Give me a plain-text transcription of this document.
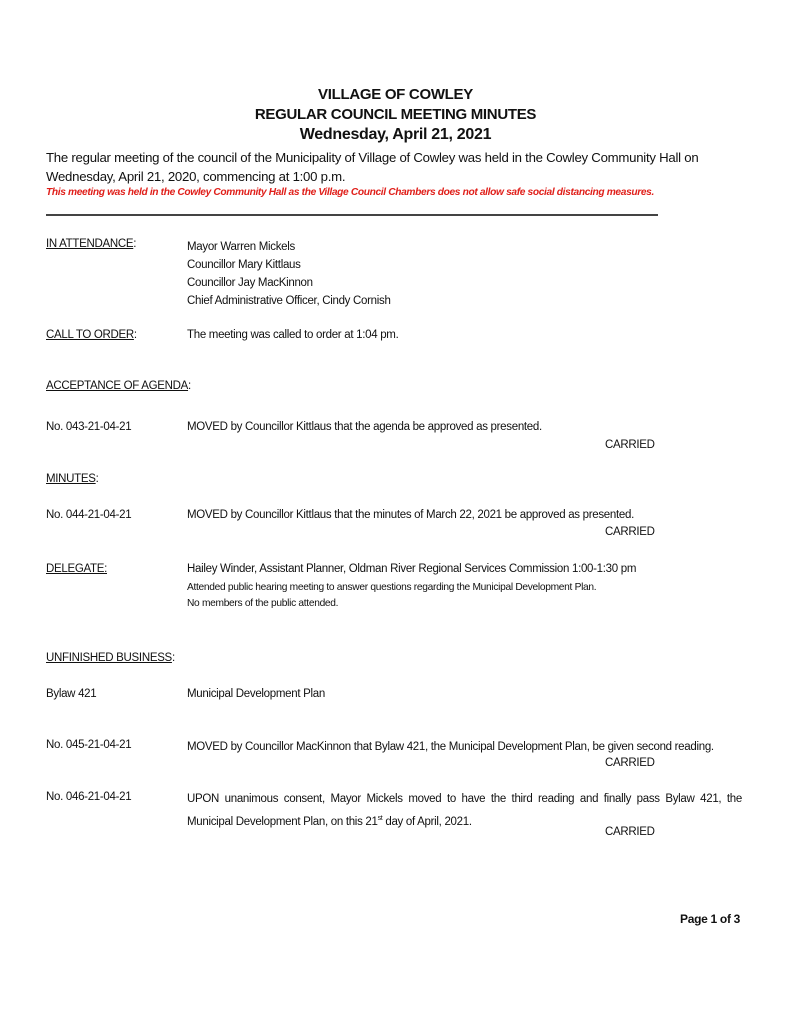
VILLAGE OF COWLEY
REGULAR COUNCIL MEETING MINUTES
Wednesday, April 21, 2021
The regular meeting of the council of the Municipality of Village of Cowley was held in the Cowley Community Hall on Wednesday, April 21, 2020, commencing at 1:00 p.m.
This meeting was held in the Cowley Community Hall as the Village Council Chambers does not allow safe social distancing measures.
IN ATTENDANCE:	Mayor Warren Mickels
Councillor Mary Kittlaus
Councillor Jay MacKinnon
Chief Administrative Officer, Cindy Cornish
CALL TO ORDER:	The meeting was called to order at 1:04 pm.
ACCEPTANCE OF AGENDA:
No. 043-21-04-21	MOVED by Councillor Kittlaus that the agenda be approved as presented.
CARRIED
MINUTES:
No. 044-21-04-21	MOVED by Councillor Kittlaus that the minutes of March 22, 2021 be approved as presented.
CARRIED
DELEGATE:	Hailey Winder, Assistant Planner, Oldman River Regional Services Commission 1:00-1:30 pm
Attended public hearing meeting to answer questions regarding the Municipal Development Plan.
No members of the public attended.
UNFINISHED BUSINESS:
Bylaw 421	Municipal Development Plan
No. 045-21-04-21	MOVED by Councillor MacKinnon that Bylaw 421, the Municipal Development Plan, be given second reading.
CARRIED
No. 046-21-04-21	UPON unanimous consent, Mayor Mickels moved to have the third reading and finally pass Bylaw 421, the Municipal Development Plan, on this 21st day of April, 2021.
CARRIED
Page 1 of 3
